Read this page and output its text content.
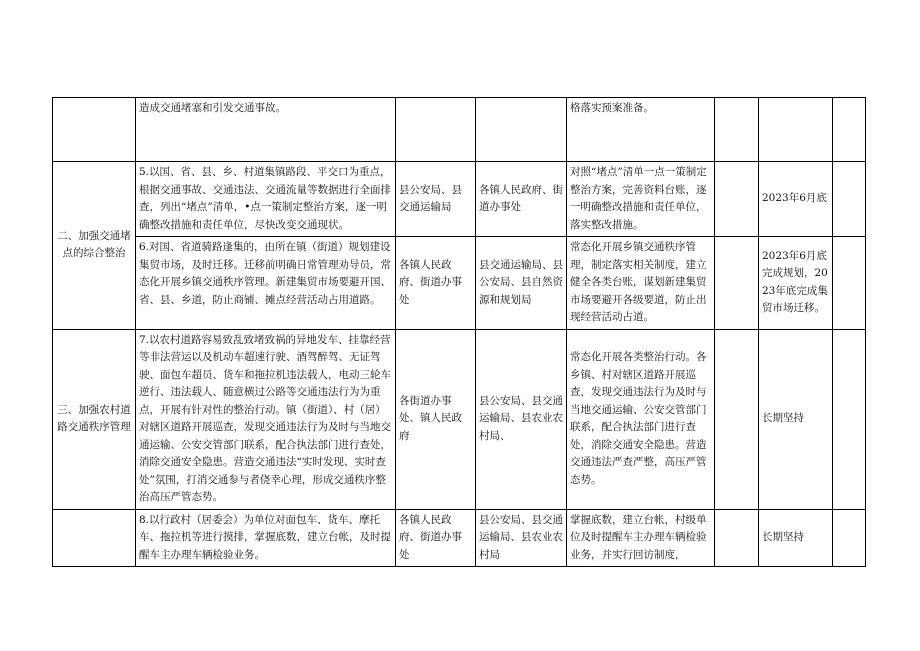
	造成交通堵塞和引发交通事故。			格落实预案准备。			
二、加强交通堵点的综合整治	5.以国、省、县、乡、村道集镇路段、平交口为重点，根据交通事故、交通违法、交通流量等数据进行全面排查，列出“堵点”清单，•点一策制定整治方案，逐一明确整改措施和责任单位，尽快改变交通现状。	县公安局、县交通运输局	各镇人民政府、街道办事处	对照“堵点”清单一点一策制定整治方案，完善资料台账，逐一明确整改措施和责任单位，落实整改措施。		2023年6月底	
	6.对国、省道骑路逢集的，由所在镇（街道）规划建设集贸市场，及时迁移。迁移前明确日常管理劝导员，常态化开展乡镇交通秩序管理。新建集贸市场要避开国、省、县、乡道，防止商铺、摊点经营活动占用道路。	各镇人民政府、街道办事处	县交通运输局、县公安局、县自然资源和规划局	常态化开展乡镇交通秩序管理，制定落实相关制度，建立健全各类台账，谋划新建集贸市场要避开各级要道，防止出现经营活动占道。		2023年6月底完成规划，2023年底完成集贸市场迁移。	
三、加强农村道路交通秩序管理	7.以农村道路容易致乱致堵致祸的异地发车、挂靠经营等非法营运以及机动车超速行驶、酒驾醉驾、无证驾驶、面包车超员、货车和拖拉机违法载人，电动三轮车逆行、违法载人、随意横过公路等交通违法行为为重点，开展有针对性的整治行动。镇（街道）、村（居）对辖区道路开展巡查，发现交通违法行为及时与当地交通运输、公安交管部门联系，配合执法部门进行查处，消除交通安全隐患。营造交通违法“实时发现、实时查处”氛围，打消交通参与者侥幸心理，形成交通秩序整治高压严管态势。	各街道办事处、镇人民政府	县公安局、县交通运输局、县农业农村局、	常态化开展各类整治行动。各乡镇、村对辖区道路开展巡查，发现交通违法行为及时与当地交通运输、公安交管部门联系，配合执法部门进行查处，消除交通安全隐患。营造交通违法严查严整，高压严管态势。		长期坚持	
	8.以行政村（居委会）为单位对面包车、货车、摩托车、拖拉机等进行摸排，掌握底数，建立台帐，及时提醒车主办理车辆检验业务。	各镇人民政府、街道办事处	县公安局、县交通运输局、县农业农村局	掌握底数，建立台帐，村级单位及时提醒车主办理车辆检验业务，并实行回访制度，		长期坚持	
